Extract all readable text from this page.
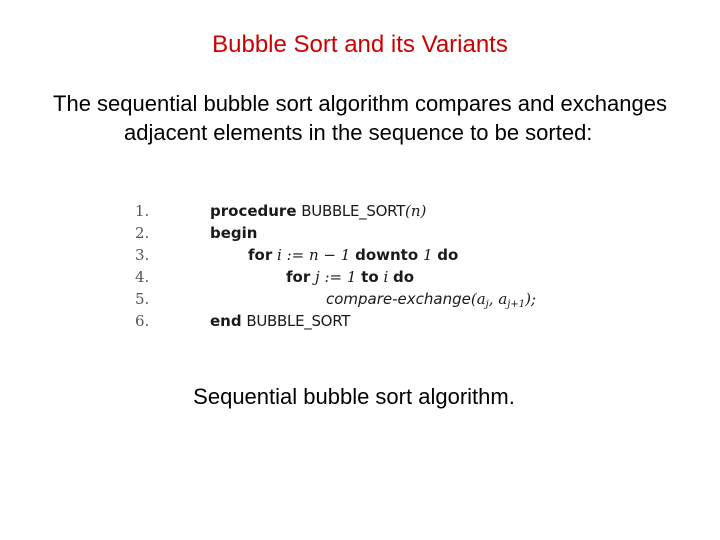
Bubble Sort and its Variants
The sequential bubble sort algorithm compares and exchanges
adjacent elements in the sequence to be sorted:
1.	procedure BUBBLE_SORT(n)
2.	begin
3.	for i := n − 1 downto 1 do
4.	for j := 1 to i do
5.	compare-$exchange(a_j$, $a_{j+1}$);
6.	end BUBBLE_SORT
Sequential bubble sort algorithm.
